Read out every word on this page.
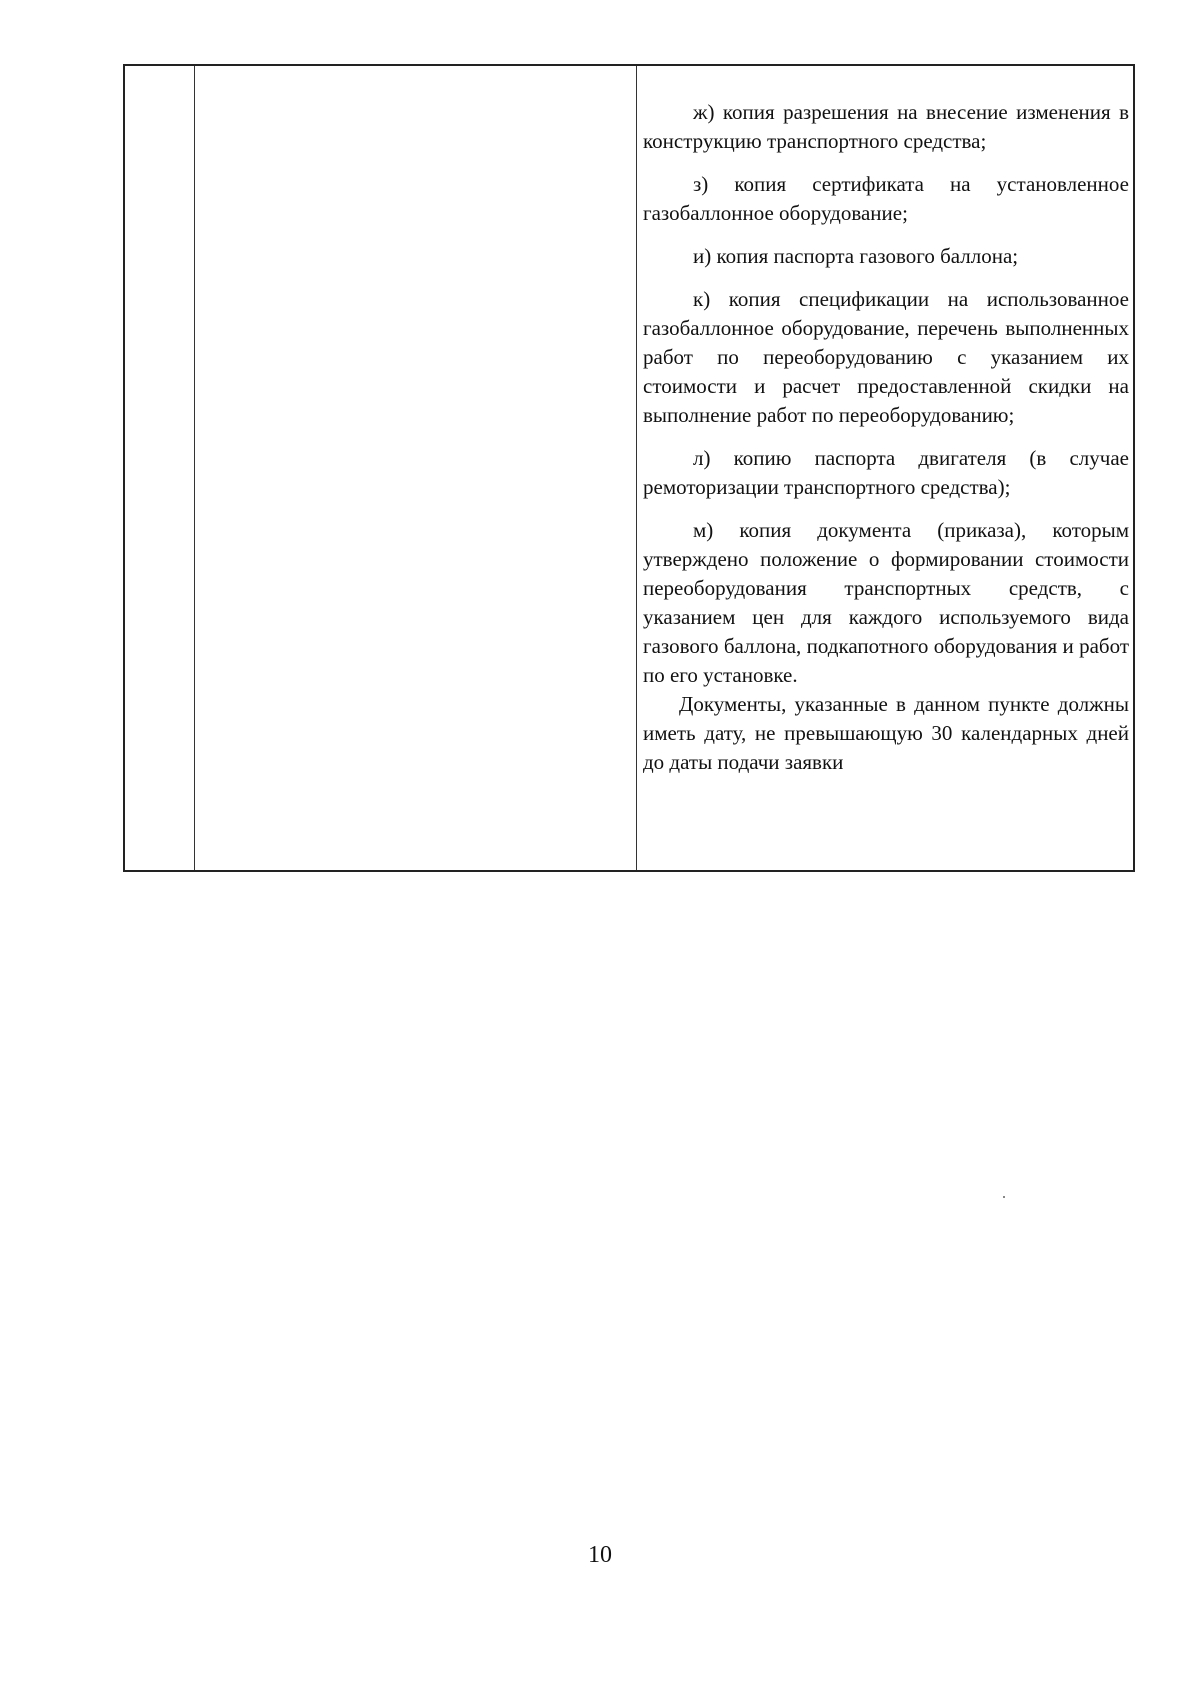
ж) копия разрешения на внесение изменения в конструкцию транспортного средства;

з) копия сертификата на установленное газобаллонное оборудование;

и) копия паспорта газового баллона;

к) копия спецификации на использованное газобаллонное оборудование, перечень выполненных работ по переоборудованию с указанием их стоимости и расчет предоставленной скидки на выполнение работ по переоборудованию;

л) копию паспорта двигателя (в случае ремоторизации транспортного средства);

м) копия документа (приказа), которым утверждено положение о формировании стоимости переоборудования транспортных средств, с указанием цен для каждого используемого вида газового баллона, подкапотного оборудования и работ по его установке.

Документы, указанные в данном пункте должны иметь дату, не превышающую 30 календарных дней до даты подачи заявки

10
